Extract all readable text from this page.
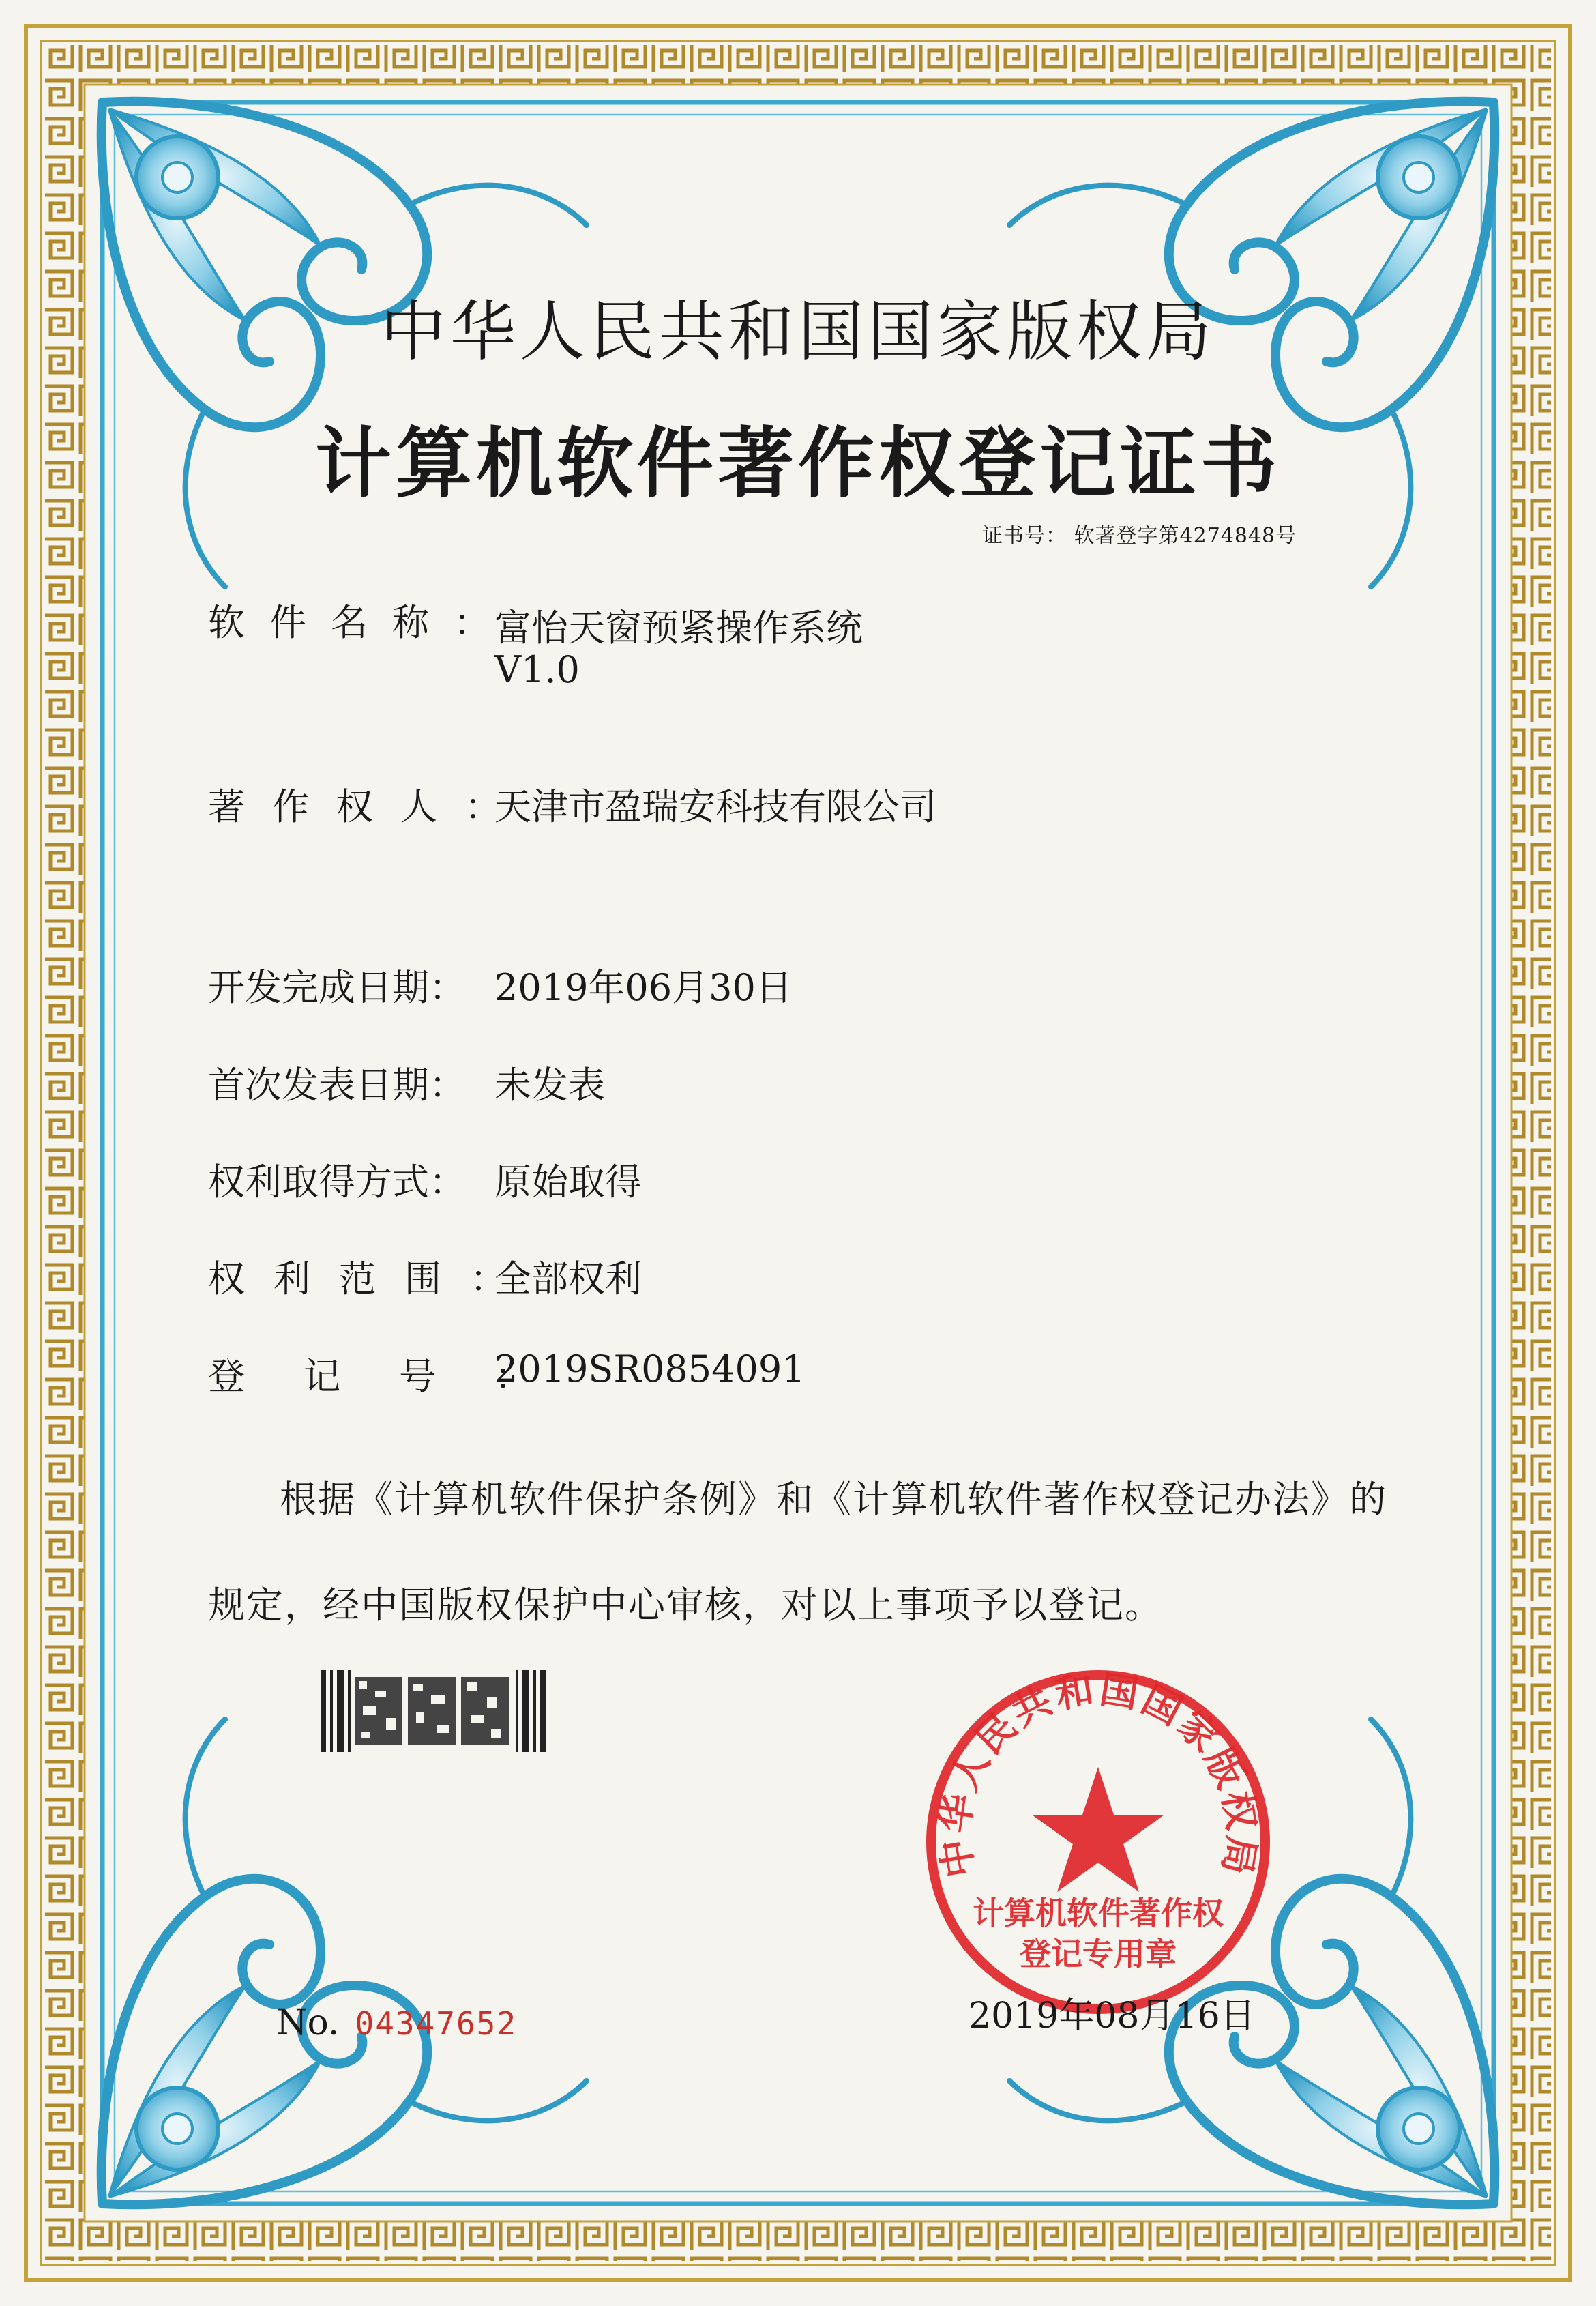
中华人民共和国国家版权局
计算机软件著作权登记证书
证书号： 软著登字第4274848号
软件名称：
富怡天窗预紧操作系统
V1.0
著作权人：
天津市盈瑞安科技有限公司
开发完成日期： 2019年06月30日
首次发表日期： 未发表
权利取得方式： 原始取得
权利范围：
全部权利
登记号：
2019SR0854091
根据《计算机软件保护条例》和《计算机软件著作权登记办法》的
规定，经中国版权保护中心审核，对以上事项予以登记。
中华人民共和国国家版权局
计算机软件著作权
登记专用章
No. 04347652	2019年08月16日
